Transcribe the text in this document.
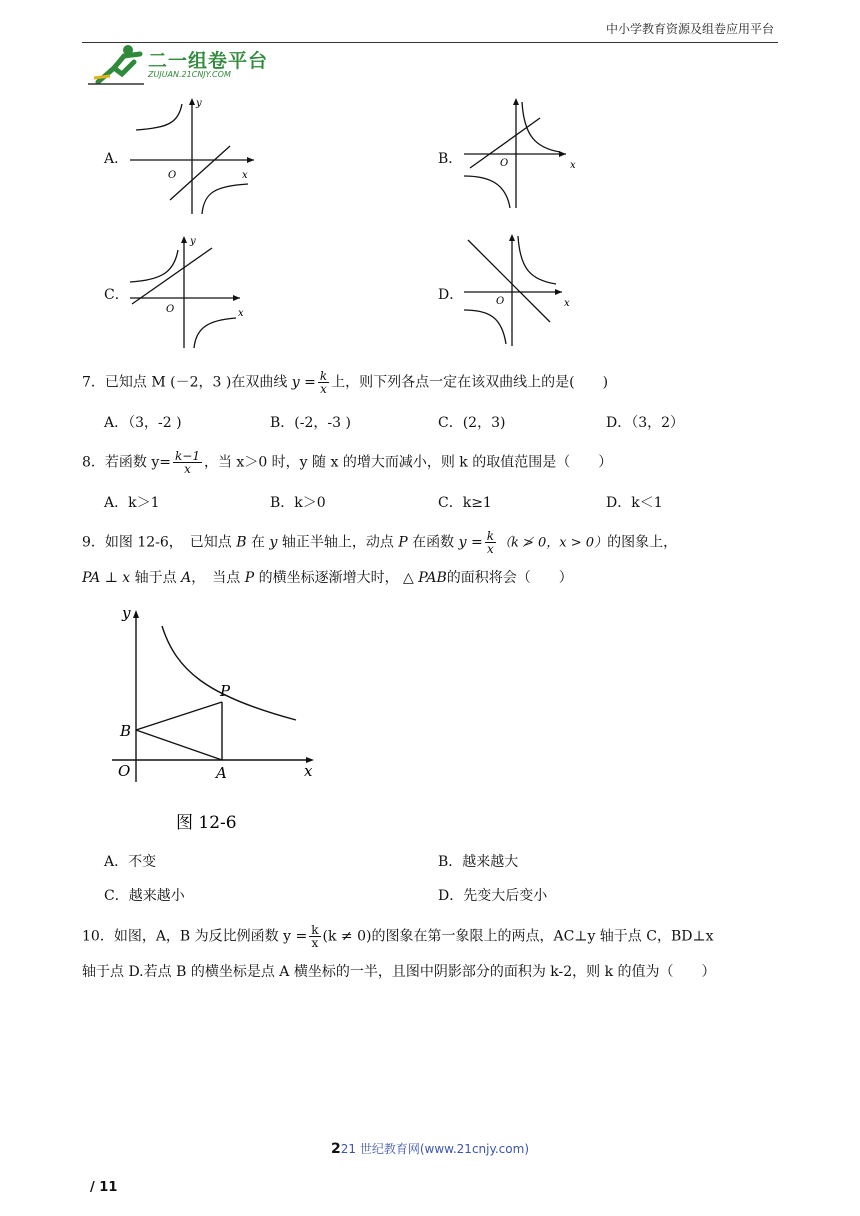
中小学教育资源及组卷应用平台
二一组卷平台
ZUJUAN.21CNJY.COM
A．
O
y
x
B．	O	x
C．
O
y
x
D．	O	x
7．已知点 M (－2，3 )在双曲线 $y = \frac{k}{x}$ 上，则下列各点一定在该双曲线上的是(　　)
A．（3，-2 )	B．(-2，-3 )	C．(2，3)	D．（3，2）
8．若函数 $y= \frac{k-1}{x}$ ，当 x＞0 时，y 随 x 的增大而减小，则 k 的取值范围是（　　）
A．k＞1	B．k＞0	C．k≥1	D．k＜1
9．如图 12-6，　已知点 B 在 y 轴正半轴上，动点 P 在函数 $y = \frac{k}{x} (k$ ≯ 0，x > 0）的图象上，
PA ⊥ x 轴于点 A，　当点 P 的横坐标逐渐增大时， △ PAB的面积将会（　　）
y
x
O
B
A
P
图 12-6
A．不变	B．越来越大
C．越来越小	D．先变大后变小
10．如图，A，B 为反比例函数 $y = \frac{k}{x} (k \ne 0)$的图象在第一象限上的两点，AC⊥y 轴于点 C，BD⊥x
轴于点 D.若点 B 的横坐标是点 A 横坐标的一半，且图中阴影部分的面积为 k-2，则 k 的值为（　　）
221 世纪教育网(www.21cnjy.com)
/ 11
